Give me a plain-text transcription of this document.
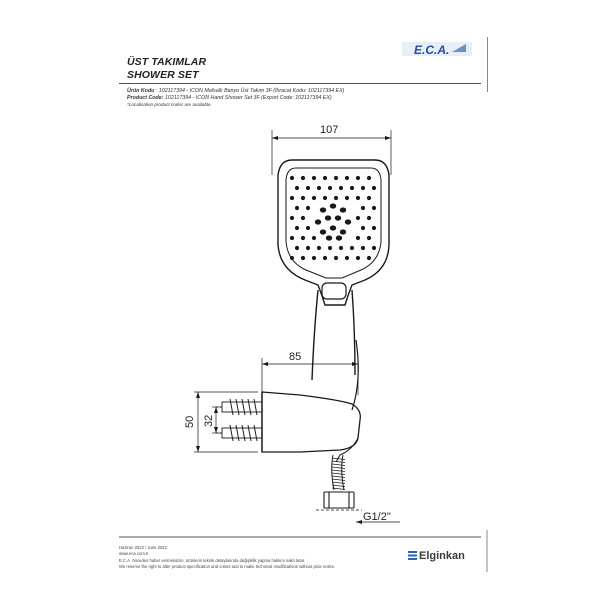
ÜST TAKIMLAR
SHOWER SET
E.C.A.
Ürün Kodu : 102117394 - ICON Mafsallı Banyo Üst Takım 3F (İhracat Kodu: 102117394 EX)
Product Code: 102117394 - ICON Hand Shower Set 3F (Export Code: 102117394 EX)
*Localisation product codes are available.
107
85
50 32
G1/2"
Haziran 2022 / June 2022
www.eca.com.tr
E.C.A. önceden haber vermeksizin, ürünlerin teknik detaylarında değişiklik yapma hakkını saklı tutar.
We reserve the right to alter product specification and colors and to make technical modifications without prior notice.
Elginkan
